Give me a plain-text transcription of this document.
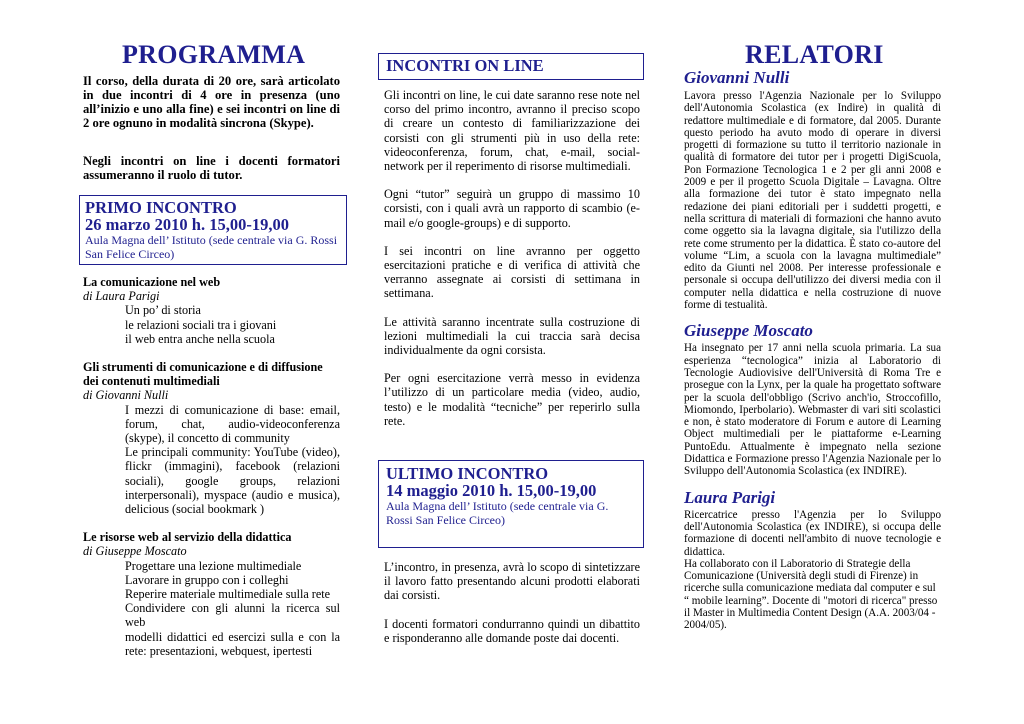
PROGRAMMA
Il corso, della durata di 20 ore, sarà articolato in due incontri di 4 ore in presenza (uno all’inizio e uno alla fine) e sei incontri on line di 2 ore ognuno in modalità sincrona (Skype).
Negli incontri on line i docenti formatori assumeranno il ruolo di tutor.
PRIMO INCONTRO
26 marzo 2010 h. 15,00-19,00
Aula Magna dell’ Istituto (sede centrale via G. Rossi San Felice Circeo)
La comunicazione nel web
di Laura Parigi
Un po’ di storia
le relazioni sociali tra i giovani
il web entra anche nella scuola
Gli strumenti di comunicazione e di diffusione dei contenuti multimediali
di Giovanni Nulli
I mezzi di comunicazione di base: email, forum, chat, audio-videoconferenza (skype), il concetto di community
Le principali community: YouTube (video), flickr (immagini), facebook (relazioni sociali), google groups, relazioni interpersonali), myspace (audio e musica), delicious (social bookmark )
Le risorse web al servizio della didattica
di Giuseppe Moscato
Progettare una lezione multimediale
Lavorare in gruppo con i colleghi
Reperire materiale multimediale sulla rete
Condividere con gli alunni la ricerca sul web
modelli didattici ed esercizi sulla e con la rete: presentazioni, webquest, ipertesti
INCONTRI ON LINE
Gli incontri on line, le cui date saranno rese note nel corso del primo incontro, avranno il preciso scopo di creare un contesto di familiarizzazione dei corsisti con gli strumenti più in uso della rete: videoconferenza, forum, chat, e-mail, social-network per il reperimento di risorse multimediali.
Ogni “tutor” seguirà un gruppo di massimo 10 corsisti, con i quali avrà un rapporto di scambio (e-mail e/o google-groups) e di supporto.
I sei incontri on line avranno per oggetto esercitazioni pratiche e di verifica di attività che verranno assegnate ai corsisti di settimana in settimana.
Le attività saranno incentrate sulla costruzione di lezioni multimediali la cui traccia sarà decisa individualmente da ogni corsista.
Per ogni esercitazione verrà messo in evidenza l’utilizzo di un particolare media (video, audio, testo) e le modalità “tecniche” per reperirlo sulla rete.
ULTIMO INCONTRO
14 maggio 2010 h. 15,00-19,00
Aula Magna dell’ Istituto (sede centrale via G. Rossi San Felice Circeo)
L’incontro, in presenza, avrà lo scopo di sintetizzare il lavoro fatto presentando alcuni prodotti elaborati dai corsisti.
I docenti formatori condurranno quindi un dibattito e risponderanno alle domande poste dai docenti.
RELATORI
Giovanni Nulli
Lavora presso l'Agenzia Nazionale per lo Sviluppo dell'Autonomia Scolastica (ex Indire) in qualità di redattore multimediale e di formatore, dal 2005. Durante questo periodo ha avuto modo di operare in diversi progetti di formazione su tutto il territorio nazionale in qualità di formatore dei tutor per i progetti DigiScuola, Pon Formazione Tecnologica 1 e 2 per gli anni 2008 e 2009 e per il progetto Scuola Digitale – Lavagna. Oltre alla formazione dei tutor è stato impegnato nella redazione dei piani editoriali per i suddetti progetti, e nella scrittura di materiali di formazioni che hanno avuto come oggetto sia la lavagna digitale, sia l'utilizzo della rete come strumento per la didattica. È stato co-autore del volume “Lim, a scuola con la lavagna multimediale” edito da Giunti nel 2008. Per interesse professionale e personale si occupa dell'utilizzo dei diversi media con il computer nella didattica e nella costruzione di nuove forme di testualità.
Giuseppe Moscato
Ha insegnato per 17 anni nella scuola primaria. La sua esperienza “tecnologica” inizia al Laboratorio di Tecnologie Audiovisive dell'Università di Roma Tre e prosegue con la Lynx, per la quale ha progettato software per la scuola dell'obbligo (Scrivo anch'io, Stroccofillo, Miomondo, Iperbolario). Webmaster di vari siti scolastici e non, è stato moderatore di Forum e autore di Learning Object multimediali per le piattaforme e-Learning PuntoEdu. Attualmente è impegnato nella sezione Didattica e Formazione presso l'Agenzia Nazionale per lo Sviluppo dell'Autonomia Scolastica (ex INDIRE).
Laura Parigi
Ricercatrice presso l'Agenzia per lo Sviluppo dell'Autonomia Scolastica (ex INDIRE), si occupa delle formazione di docenti nell'ambito di nuove tecnologie e didattica.
Ha collaborato con il Laboratorio di Strategie della Comunicazione (Università degli studi di Firenze) in ricerche sulla comunicazione mediata dal computer e sul “ mobile learning”. Docente di "motori di ricerca" presso il Master in Multimedia Content Design (A.A. 2003/04 - 2004/05).
